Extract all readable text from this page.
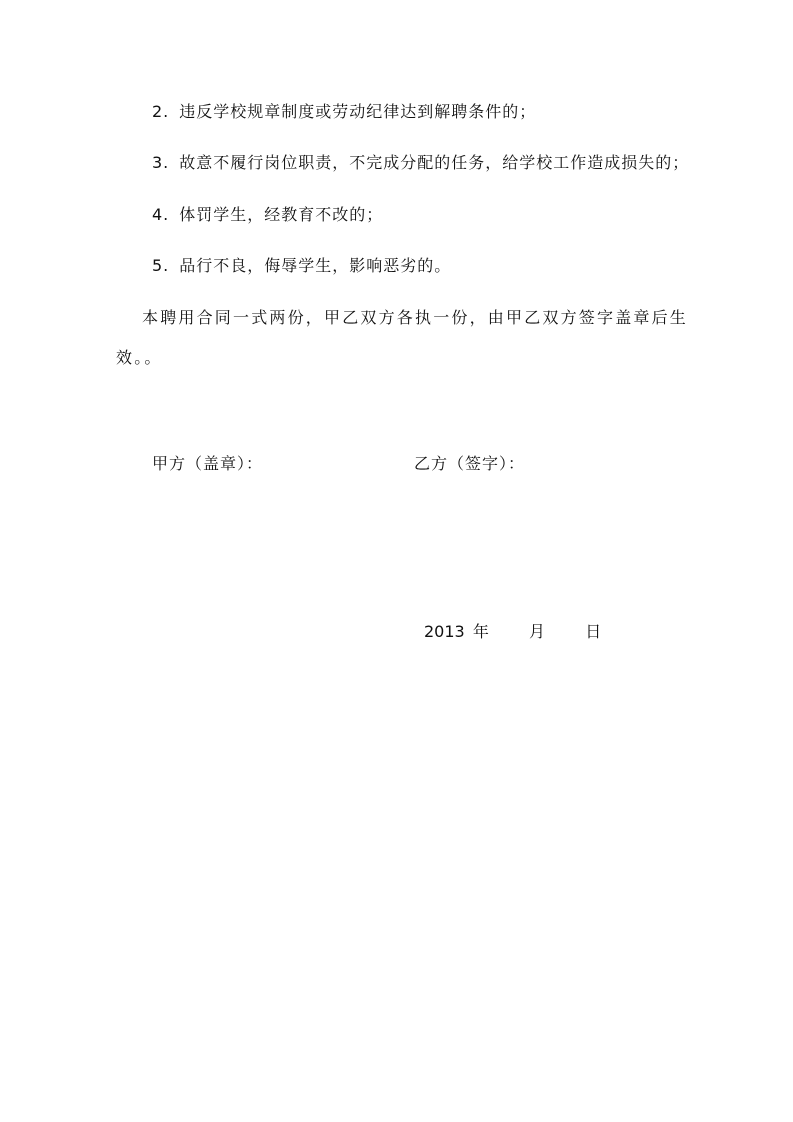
2. 违反学校规章制度或劳动纪律达到解聘条件的；
3. 故意不履行岗位职责，不完成分配的任务，给学校工作造成损失的；
4. 体罚学生，经教育不改的；
5. 品行不良，侮辱学生，影响恶劣的。
本聘用合同一式两份，甲乙双方各执一份，由甲乙双方签字盖章后生效。。
甲方（盖章）：	乙方（签字）：
2013 年	月	日
